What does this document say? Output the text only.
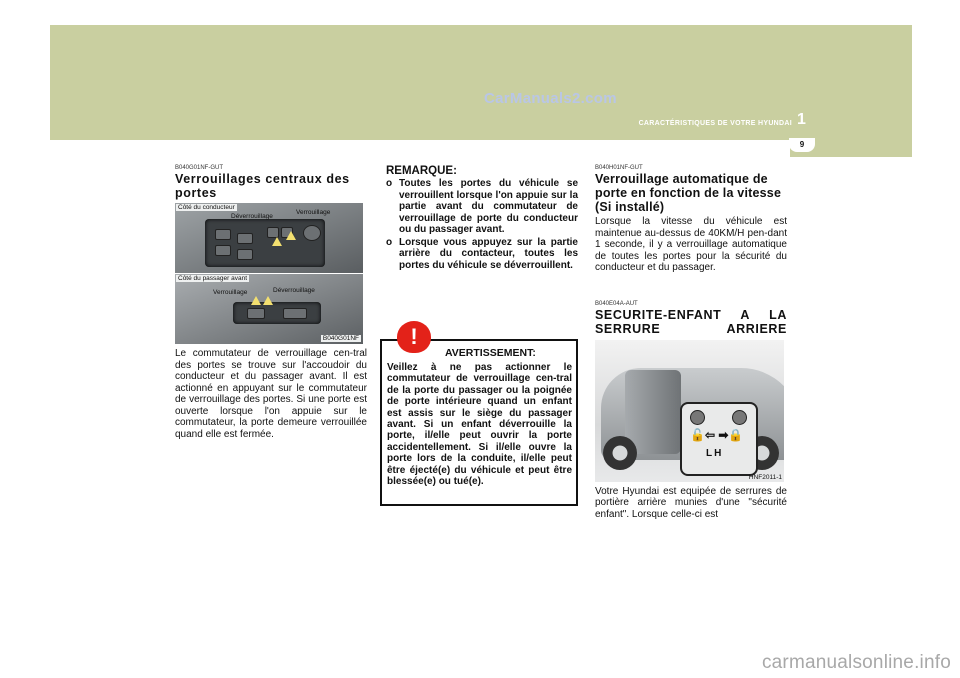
CarManuals2.com
CARACTÉRISTIQUES DE VOTRE HYUNDAI 1
9
B040G01NF-GUT
Verrouillages centraux des portes
Côté du conducteur
Déverrouillage
Verrouillage
Côté du passager avant
Verrouillage	Déverrouillage
B040G01NF

Le commutateur de verrouillage cen-tral des portes se trouve sur l'accoudoir du conducteur et du passager avant. Il est actionné en appuyant sur le commutateur de verrouillage des portes. Si une porte est ouverte lorsque l'on appuie sur le commutateur, la porte demeure verrouillée quand elle est fermée.

REMARQUE:
o Toutes les portes du véhicule se verrouillent lorsque l'on appuie sur la partie avant du commutateur de verrouillage de porte du conducteur ou du passager avant.
o Lorsque vous appuyez sur la partie arrière du contacteur, toutes les portes du véhicule se déverrouillent.
!
AVERTISSEMENT:

Veillez à ne pas actionner le commutateur de verrouillage cen-tral de la porte du passager ou la poignée de porte intérieure quand un enfant est assis sur le siège du passager avant. Si un enfant déverrouille la porte, il/elle peut ouvrir la porte accidentellement. Si il/elle ouvre la porte lors de la conduite, il/elle peut être éjecté(e) du véhicule et peut être blessée(e) ou tué(e).

B040H01NF-GUT
Verrouillage automatique de porte en fonction de la vitesse (Si installé)

Lorsque la vitesse du véhicule est maintenue au-dessus de 40KM/H pen-dant 1 seconde, il y a verrouillage automatique de toutes les portes pour la sécurité du conducteur et du passager.

B040E04A-AUT
SECURITE-ENFANT A LA SERRURE ARRIERE
🔓⇦ ➡🔒
LH
HNF2011-1

Votre Hyundai est equipée de serrures de portière arrière munies d'une "sécurité enfant". Lorsque celle-ci est

carmanualsonline.info
